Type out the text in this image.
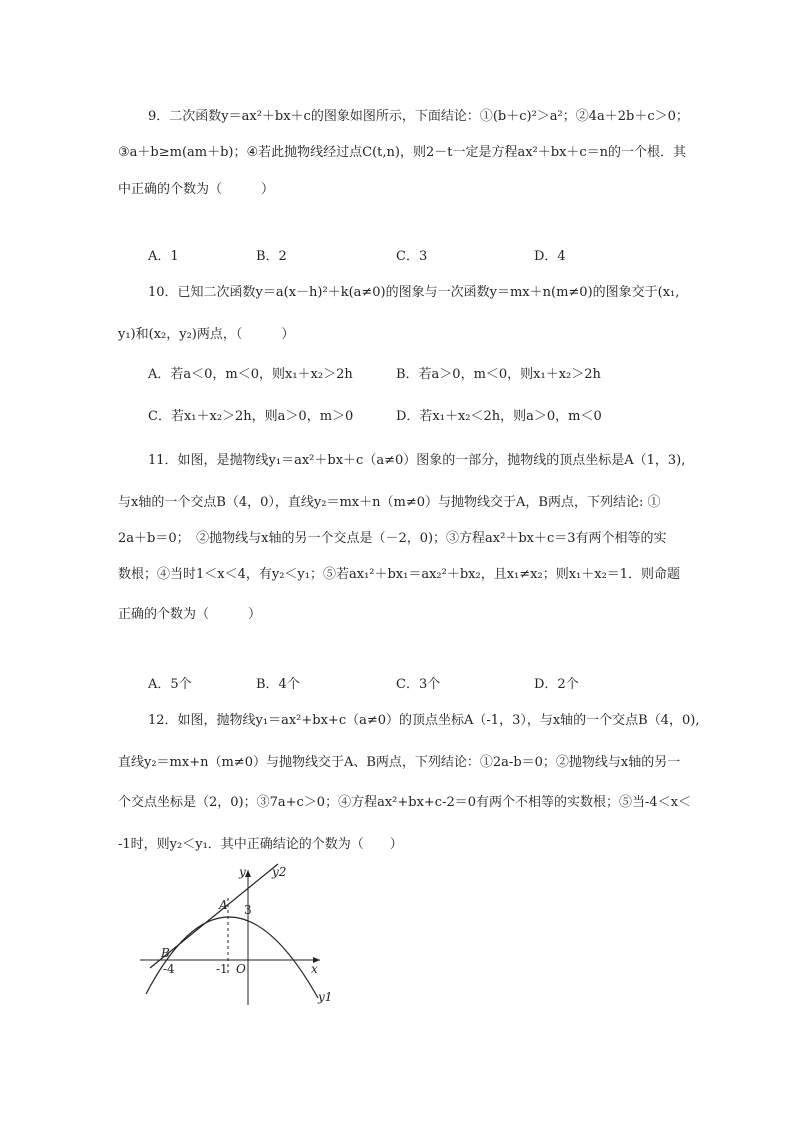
9．二次函数y＝ax²＋bx＋c的图象如图所示，下面结论：①(b＋c)²＞a²；②4a＋2b＋c＞0；
③a＋b≥m(am＋b)；④若此抛物线经过点C(t,n)，则2－t一定是方程ax²＋bx＋c＝n的一个根．其
中正确的个数为（　　　）
A．1	B．2	C．3	D．4
10．已知二次函数y＝a(x－h)²＋k(a≠0)的图象与一次函数y＝mx＋n(m≠0)的图象交于(x₁,
y₁)和(x₂，y₂)两点，（　　　）
A．若a＜0，m＜0，则x₁＋x₂＞2h	B．若a＞0，m＜0，则x₁＋x₂＞2h
C．若x₁＋x₂＞2h，则a＞0，m＞0	D．若x₁＋x₂＜2h，则a＞0，m＜0
11．如图，是抛物线y₁＝ax²＋bx＋c（a≠0）图象的一部分，抛物线的顶点坐标是A（1，3),
与x轴的一个交点B（4，0），直线y₂＝mx＋n（m≠0）与抛物线交于A，B两点，下列结论: ①
2a＋b＝0；　②抛物线与x轴的另一个交点是（－2，0)；③方程ax²＋bx＋c＝3有两个相等的实
数根；④当时1＜x＜4，有y₂＜y₁；⑤若ax₁²＋bx₁＝ax₂²＋bx₂，且x₁≠x₂；则x₁＋x₂＝1．则命题
正确的个数为（　　　）
A．5个	B．4个	C．3个	D．2个
12．如图，抛物线y₁＝ax²+bx+c（a≠0）的顶点坐标A（-1，3），与x轴的一个交点B（4，0),
直线y₂＝mx+n（m≠0）与抛物线交于A、B两点，下列结论：①2a-b＝0；②抛物线与x轴的另一
个交点坐标是（2，0)；③7a+c＞0；④方程ax²+bx+c-2＝0有两个不相等的实数根；⑤当-4＜x＜
-1时，则y₂＜y₁．其中正确结论的个数为（　　）
y y2
A 3
B
-4	-1 O	x
y1
